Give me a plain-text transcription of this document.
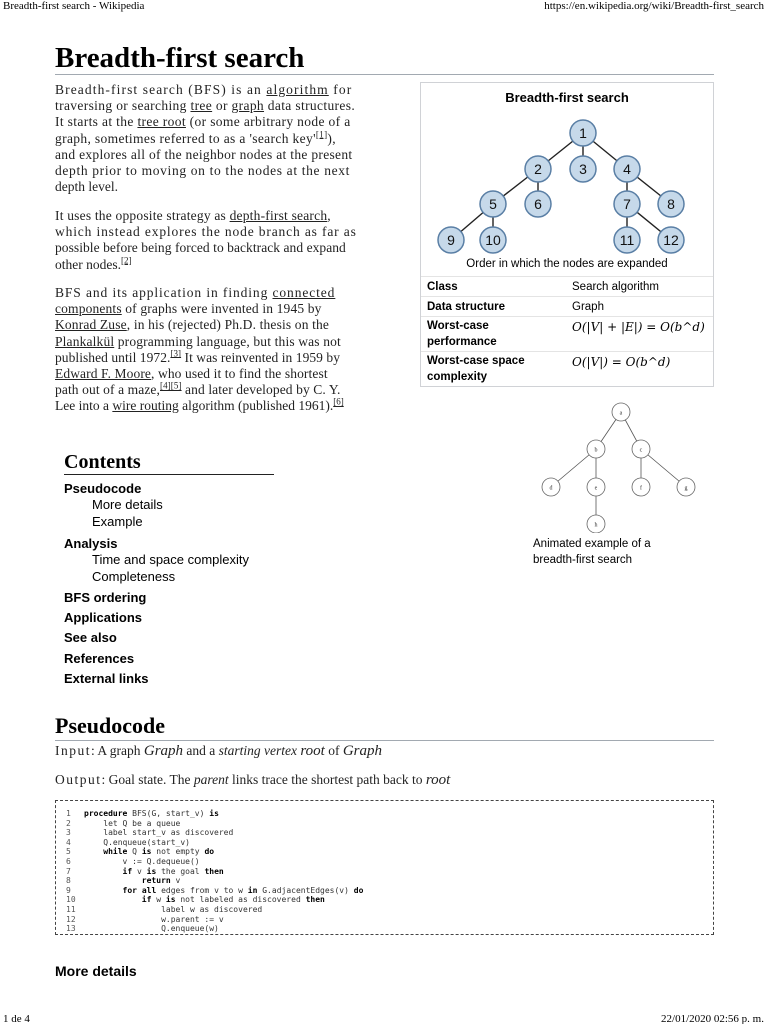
Breadth-first search - Wikipedia	https://en.wikipedia.org/wiki/Breadth-first_search
Breadth-first search
Breadth-first search (BFS) is an algorithm for
traversing or searching tree or graph data structures.
It starts at the tree root (or some arbitrary node of a
graph, sometimes referred to as a 'search key'[1]),
and explores all of the neighbor nodes at the present
depth prior to moving on to the nodes at the next
depth level.
It uses the opposite strategy as depth-first search,
which instead explores the node branch as far as
possible before being forced to backtrack and expand
other nodes.[2]
BFS and its application in finding connected
components of graphs were invented in 1945 by
Konrad Zuse, in his (rejected) Ph.D. thesis on the
Plankalkül programming language, but this was not
published until 1972.[3] It was reinvented in 1959 by
Edward F. Moore, who used it to find the shortest
path out of a maze,[4][5] and later developed by C. Y.
Lee into a wire routing algorithm (published 1961).[6]
Breadth-first search
1
2	3	4
5	6	7	8
9 10	11 12
Order in which the nodes are expanded
Class	Search algorithm
Data structure	Graph
Worst-case
performance
O(|V| + |E|) = O(b^d)
Worst-case space
complexity
O(|V|) = O(b^d)
a
b	c
d	e	f	g
h
Animated example of a
breadth-first search
Contents
Pseudocode
More details
Example
Analysis
Time and space complexity
Completeness
BFS ordering
Applications
See also
References
External links
Pseudocode
Input: A graph Graph and a starting vertex root of Graph
Output: Goal state. The parent links trace the shortest path back to root
1 procedure BFS(G, start_v) is
2    let Q be a queue
3    label start_v as discovered
4    Q.enqueue(start_v)
5	while Q is not empty do
6        v := Q.dequeue()
7	if v is the goal then
8	return v
9	for all edges from v to w in G.adjacentEdges(v) do
10	if w is not labeled as discovered then
11                label w as discovered
12                w.parent := v
13                Q.enqueue(w)
More details
1 de 4	22/01/2020 02:56 p. m.
